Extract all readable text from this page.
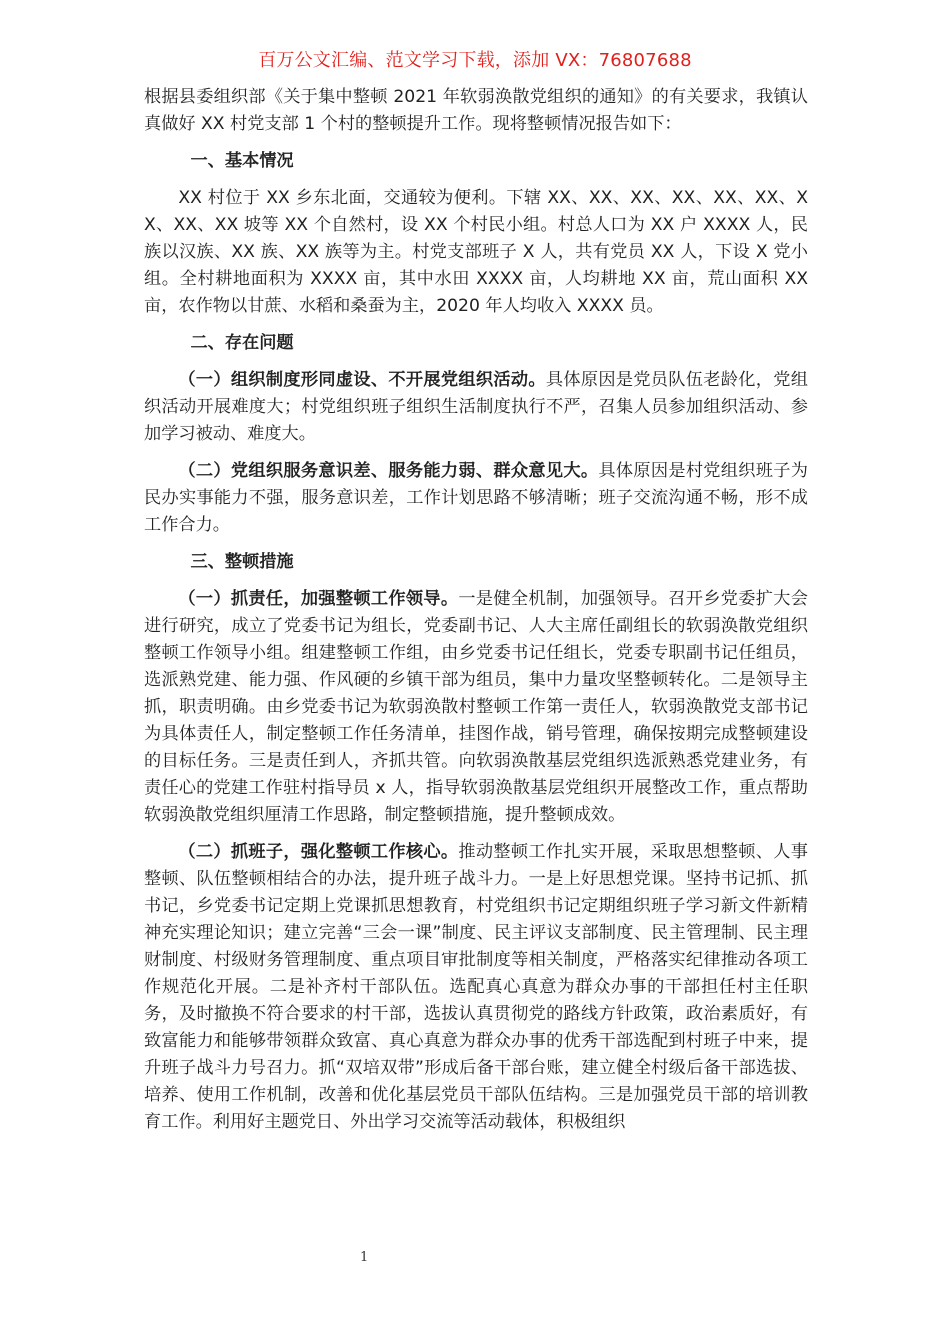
百万公文汇编、范文学习下载，添加 VX：76807688

根据县委组织部《关于集中整顿 2021 年软弱涣散党组织的通知》的有关要求，我镇认真做好 XX 村党支部 1 个村的整顿提升工作。现将整顿情况报告如下：

一、基本情况

XX 村位于 XX 乡东北面，交通较为便利。下辖 XX、XX、XX、XX、XX、XX、XX、XX、XX 坡等 XX 个自然村，设 XX 个村民小组。村总人口为 XX 户 XXXX 人，民族以汉族、XX 族、XX 族等为主。村党支部班子 X 人，共有党员 XX 人，下设 X 党小组。全村耕地面积为 XXXX 亩，其中水田 XXXX 亩，人均耕地 XX 亩，荒山面积 XX 亩，农作物以甘蔗、水稻和桑蚕为主，2020 年人均收入 XXXX 员。

二、存在问题

（一）组织制度形同虚设、不开展党组织活动。具体原因是党员队伍老龄化，党组织活动开展难度大；村党组织班子组织生活制度执行不严，召集人员参加组织活动、参加学习被动、难度大。

（二）党组织服务意识差、服务能力弱、群众意见大。具体原因是村党组织班子为民办实事能力不强，服务意识差，工作计划思路不够清晰；班子交流沟通不畅，形不成工作合力。

三、整顿措施

（一）抓责任，加强整顿工作领导。一是健全机制，加强领导。召开乡党委扩大会进行研究，成立了党委书记为组长，党委副书记、人大主席任副组长的软弱涣散党组织整顿工作领导小组。组建整顿工作组，由乡党委书记任组长，党委专职副书记任组员，选派熟党建、能力强、作风硬的乡镇干部为组员，集中力量攻坚整顿转化。二是领导主抓，职责明确。由乡党委书记为软弱涣散村整顿工作第一责任人，软弱涣散党支部书记为具体责任人，制定整顿工作任务清单，挂图作战，销号管理，确保按期完成整顿建设的目标任务。三是责任到人，齐抓共管。向软弱涣散基层党组织选派熟悉党建业务，有责任心的党建工作驻村指导员 x 人，指导软弱涣散基层党组织开展整改工作，重点帮助软弱涣散党组织厘清工作思路，制定整顿措施，提升整顿成效。

（二）抓班子，强化整顿工作核心。推动整顿工作扎实开展，采取思想整顿、人事整顿、队伍整顿相结合的办法，提升班子战斗力。一是上好思想党课。坚持书记抓、抓书记，乡党委书记定期上党课抓思想教育，村党组织书记定期组织班子学习新文件新精神充实理论知识；建立完善“三会一课”制度、民主评议支部制度、民主管理制、民主理财制度、村级财务管理制度、重点项目审批制度等相关制度，严格落实纪律推动各项工作规范化开展。二是补齐村干部队伍。选配真心真意为群众办事的干部担任村主任职务，及时撤换不符合要求的村干部，选拔认真贯彻党的路线方针政策，政治素质好，有致富能力和能够带领群众致富、真心真意为群众办事的优秀干部选配到村班子中来，提升班子战斗力号召力。抓“双培双带”形成后备干部台账，建立健全村级后备干部选拔、培养、使用工作机制，改善和优化基层党员干部队伍结构。三是加强党员干部的培训教育工作。利用好主题党日、外出学习交流等活动载体，积极组织

1
